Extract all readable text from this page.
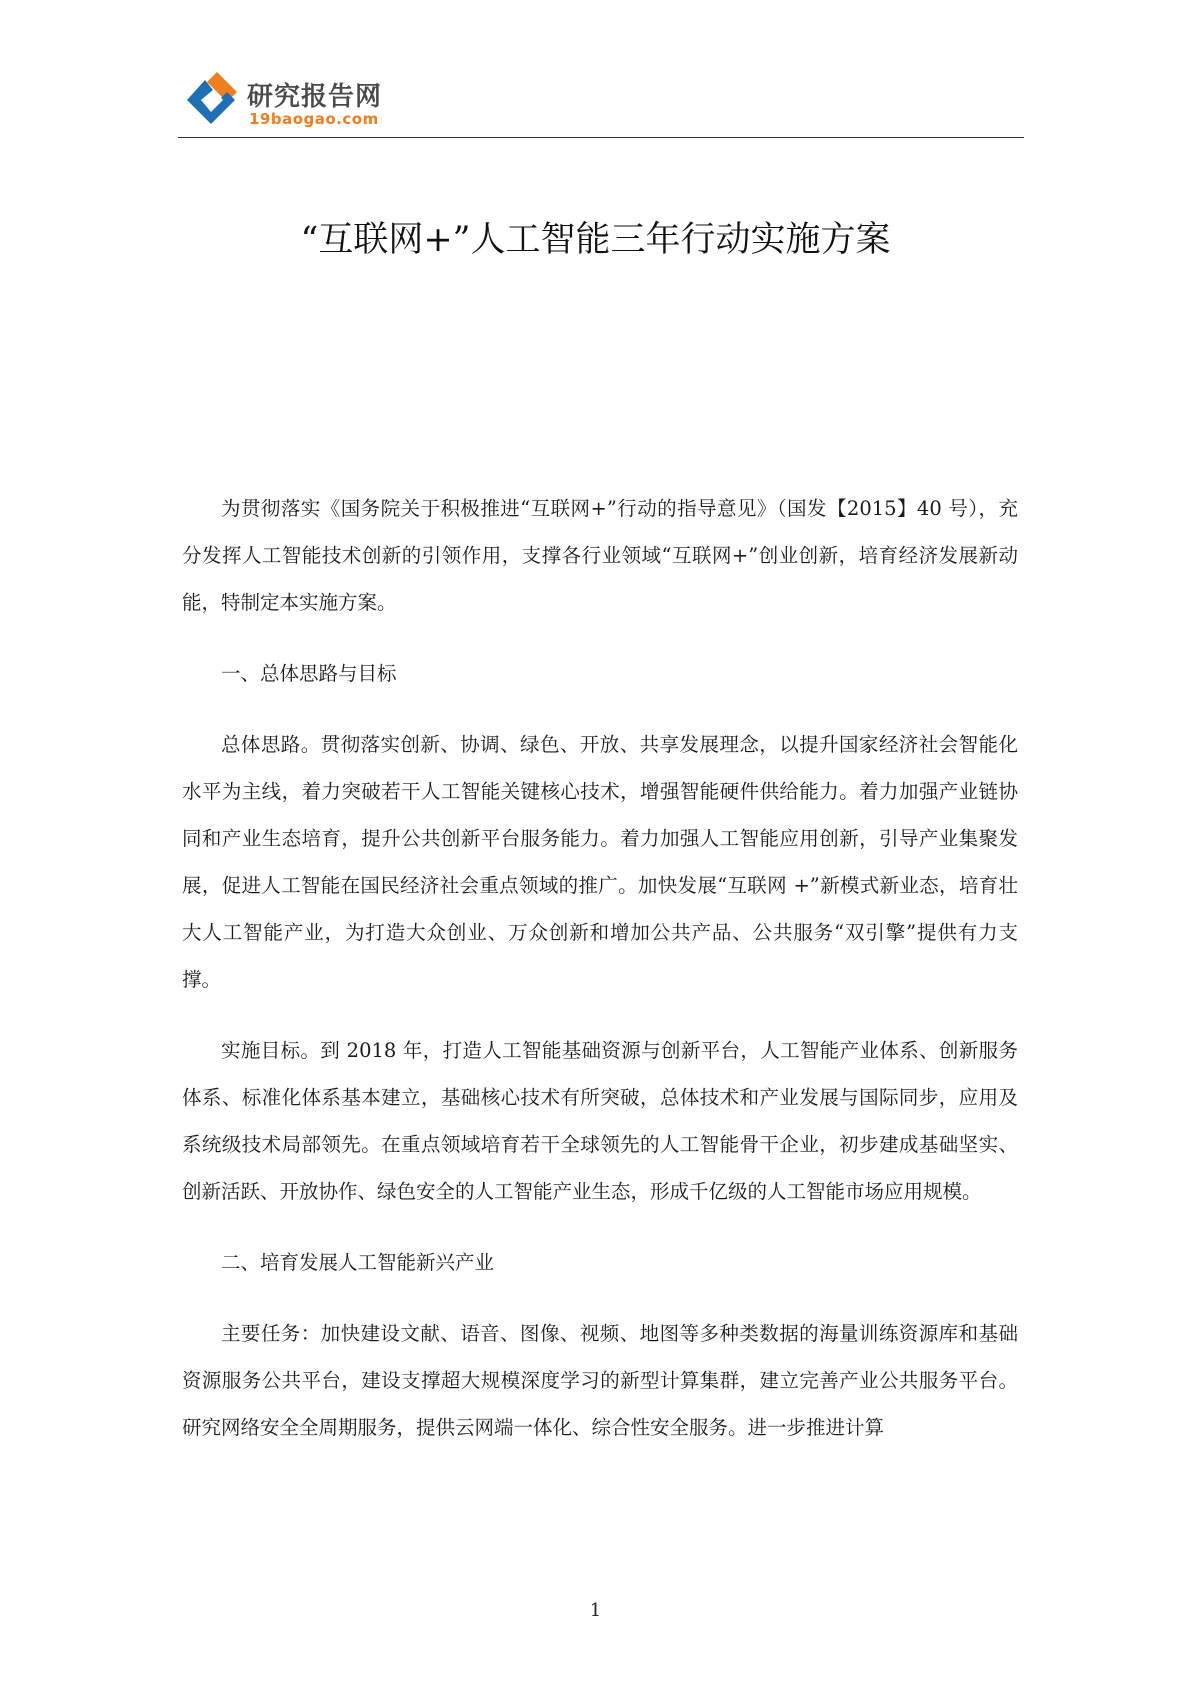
研究报告网
19baogao.com
“互联网+”人工智能三年行动实施方案

为贯彻落实《国务院关于积极推进“互联网+”行动的指导意见》（国发【2015】40 号），充分发挥人工智能技术创新的引领作用，支撑各行业领域“互联网+”创业创新，培育经济发展新动能，特制定本实施方案。

一、总体思路与目标

总体思路。贯彻落实创新、协调、绿色、开放、共享发展理念，以提升国家经济社会智能化水平为主线，着力突破若干人工智能关键核心技术，增强智能硬件供给能力。着力加强产业链协同和产业生态培育，提升公共创新平台服务能力。着力加强人工智能应用创新，引导产业集聚发展，促进人工智能在国民经济社会重点领域的推广。加快发展“互联网 +”新模式新业态，培育壮大人工智能产业，为打造大众创业、万众创新和增加公共产品、公共服务“双引擎”提供有力支撑。

实施目标。到 2018 年，打造人工智能基础资源与创新平台，人工智能产业体系、创新服务体系、标准化体系基本建立，基础核心技术有所突破，总体技术和产业发展与国际同步，应用及系统级技术局部领先。在重点领域培育若干全球领先的人工智能骨干企业，初步建成基础坚实、创新活跃、开放协作、绿色安全的人工智能产业生态，形成千亿级的人工智能市场应用规模。

二、培育发展人工智能新兴产业

主要任务：加快建设文献、语音、图像、视频、地图等多种类数据的海量训练资源库和基础资源服务公共平台，建设支撑超大规模深度学习的新型计算集群，建立完善产业公共服务平台。研究网络安全全周期服务，提供云网端一体化、综合性安全服务。进一步推进计算

1
